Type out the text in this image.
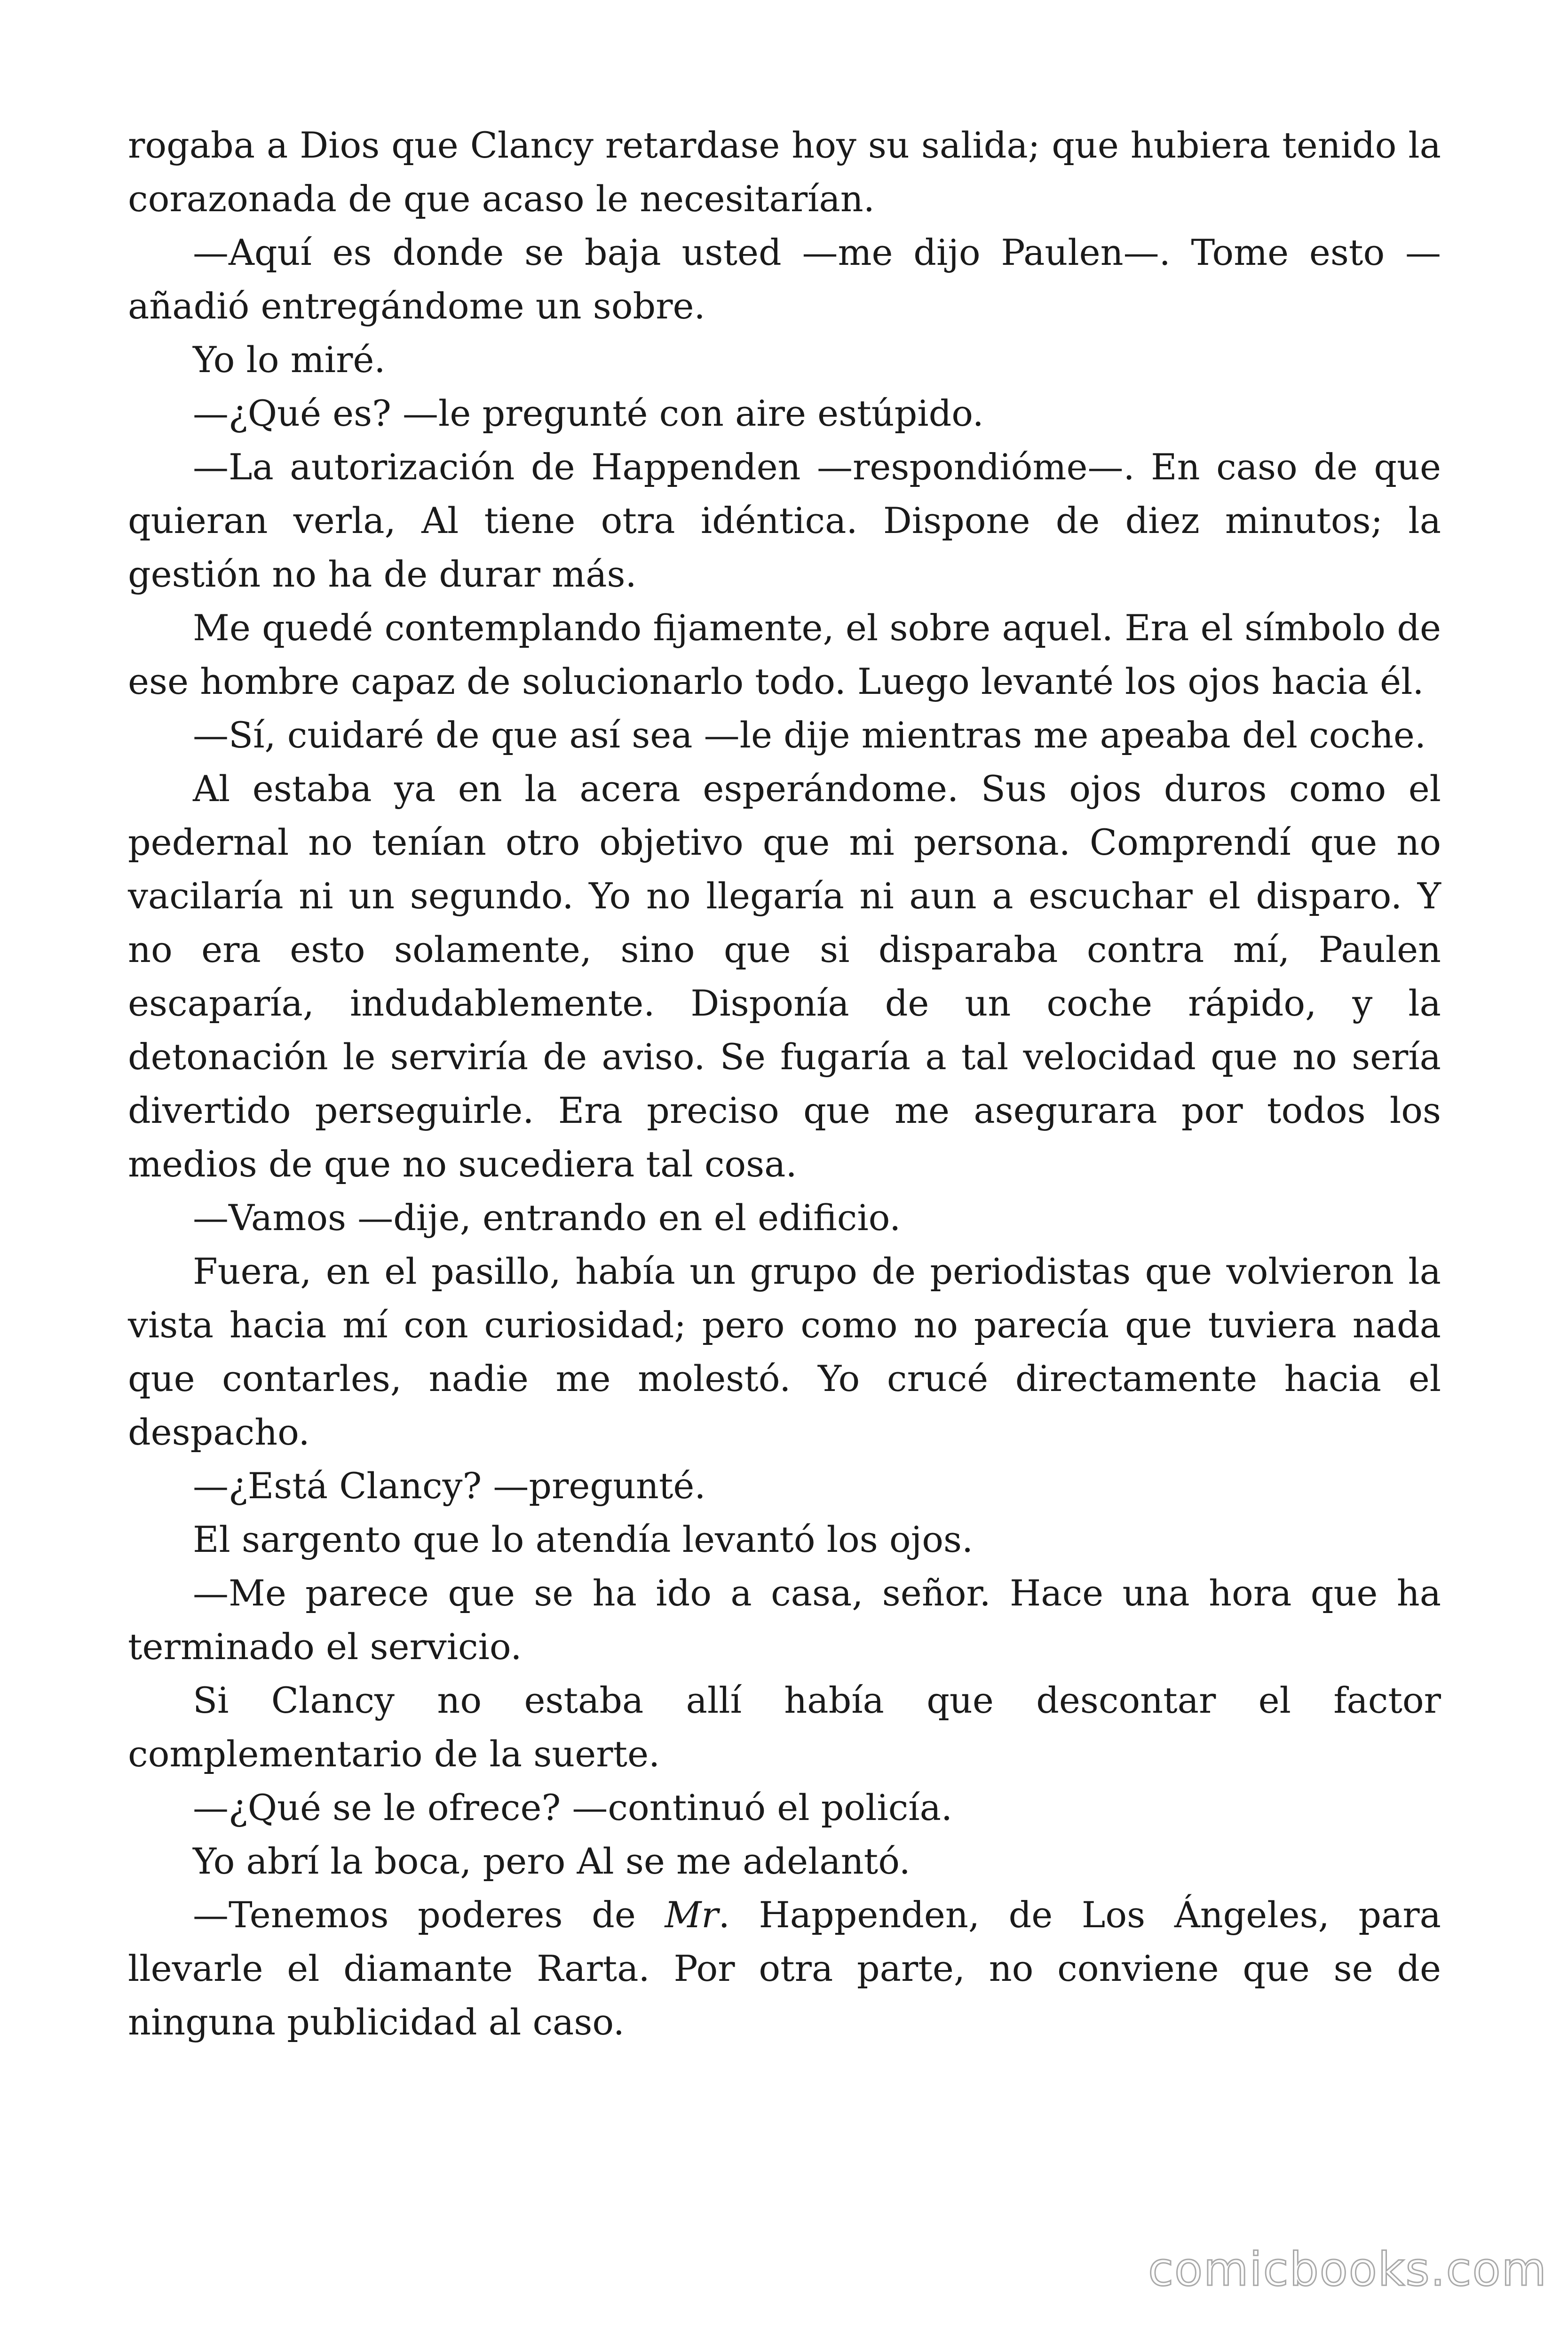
rogaba a Dios que Clancy retardase hoy su salida; que hubiera tenido la corazonada de que acaso le necesitarían.

—Aquí es donde se baja usted —me dijo Paulen—. Tome esto — añadió entregándome un sobre.

Yo lo miré.

—¿Qué es? —le pregunté con aire estúpido.

—La autorización de Happenden —respondióme—. En caso de que quieran verla, Al tiene otra idéntica. Dispone de diez minutos; la gestión no ha de durar más.

Me quedé contemplando fijamente, el sobre aquel. Era el símbolo de ese hombre capaz de solucionarlo todo. Luego levanté los ojos hacia él.

—Sí, cuidaré de que así sea —le dije mientras me apeaba del coche.

Al estaba ya en la acera esperándome. Sus ojos duros como el pedernal no tenían otro objetivo que mi persona. Comprendí que no vacilaría ni un segundo. Yo no llegaría ni aun a escuchar el disparo. Y no era esto solamente, sino que si disparaba contra mí, Paulen escaparía, indudablemente. Disponía de un coche rápido, y la detonación le serviría de aviso. Se fugaría a tal velocidad que no sería divertido perseguirle. Era preciso que me asegurara por todos los medios de que no sucediera tal cosa.

—Vamos —dije, entrando en el edificio.

Fuera, en el pasillo, había un grupo de periodistas que volvieron la vista hacia mí con curiosidad; pero como no parecía que tuviera nada que contarles, nadie me molestó. Yo crucé directamente hacia el despacho.

—¿Está Clancy? —pregunté.

El sargento que lo atendía levantó los ojos.

—Me parece que se ha ido a casa, señor. Hace una hora que ha terminado el servicio.

Si Clancy no estaba allí había que descontar el factor complementario de la suerte.

—¿Qué se le ofrece? —continuó el policía.

Yo abrí la boca, pero Al se me adelantó.

—Tenemos poderes de Mr. Happenden, de Los Ángeles, para llevarle el diamante Rarta. Por otra parte, no conviene que se de ninguna publicidad al caso.

comicbooks.com
